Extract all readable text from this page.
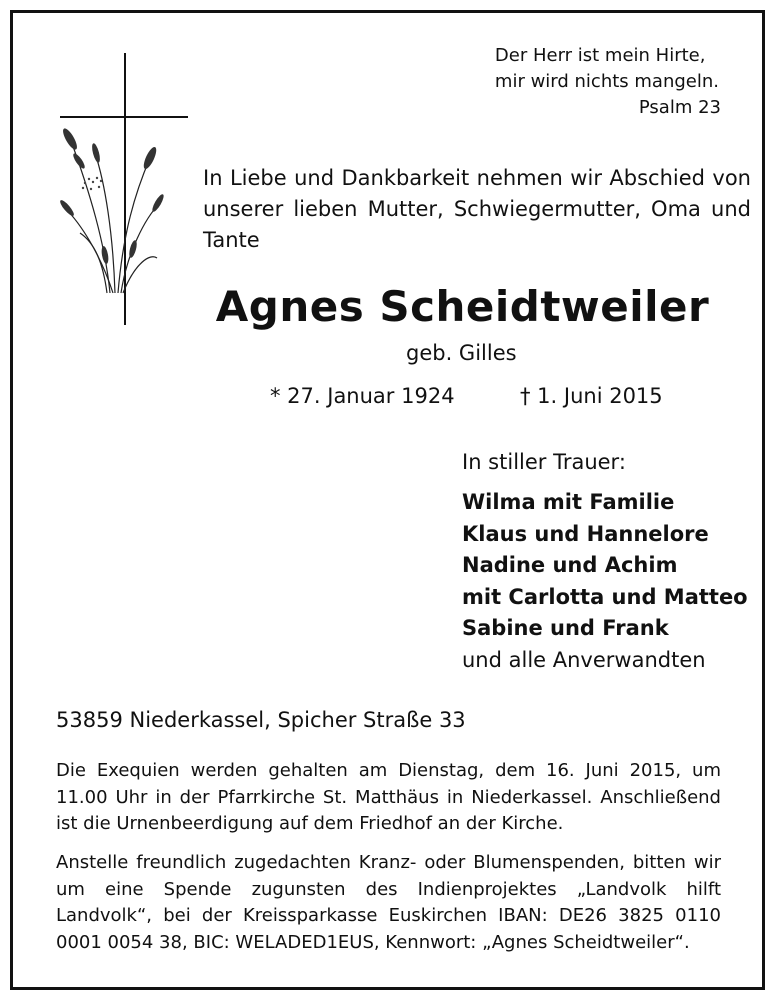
Der Herr ist mein Hirte,
mir wird nichts mangeln.
Psalm 23
In Liebe und Dankbarkeit nehmen wir Abschied von unserer lieben Mutter, Schwiegermutter, Oma und Tante
Agnes Scheidtweiler
geb. Gilles
* 27. Januar 1924	† 1. Juni 2015
In stiller Trauer:
Wilma mit Familie
Klaus und Hannelore
Nadine und Achim
mit Carlotta und Matteo
Sabine und Frank
und alle Anverwandten
53859 Niederkassel, Spicher Straße 33
Die Exequien werden gehalten am Dienstag, dem 16. Juni 2015, um 11.00 Uhr in der Pfarrkirche St. Matthäus in Niederkassel. Anschließend ist die Urnenbeerdigung auf dem Friedhof an der Kirche.
Anstelle freundlich zugedachten Kranz- oder Blumenspenden, bitten wir um eine Spende zugunsten des Indienprojektes „Landvolk hilft Landvolk“, bei der Kreissparkasse Euskirchen IBAN: DE26 3825 0110 0001 0054 38, BIC: WELADED1EUS, Kennwort: „Agnes Scheidtweiler“.
